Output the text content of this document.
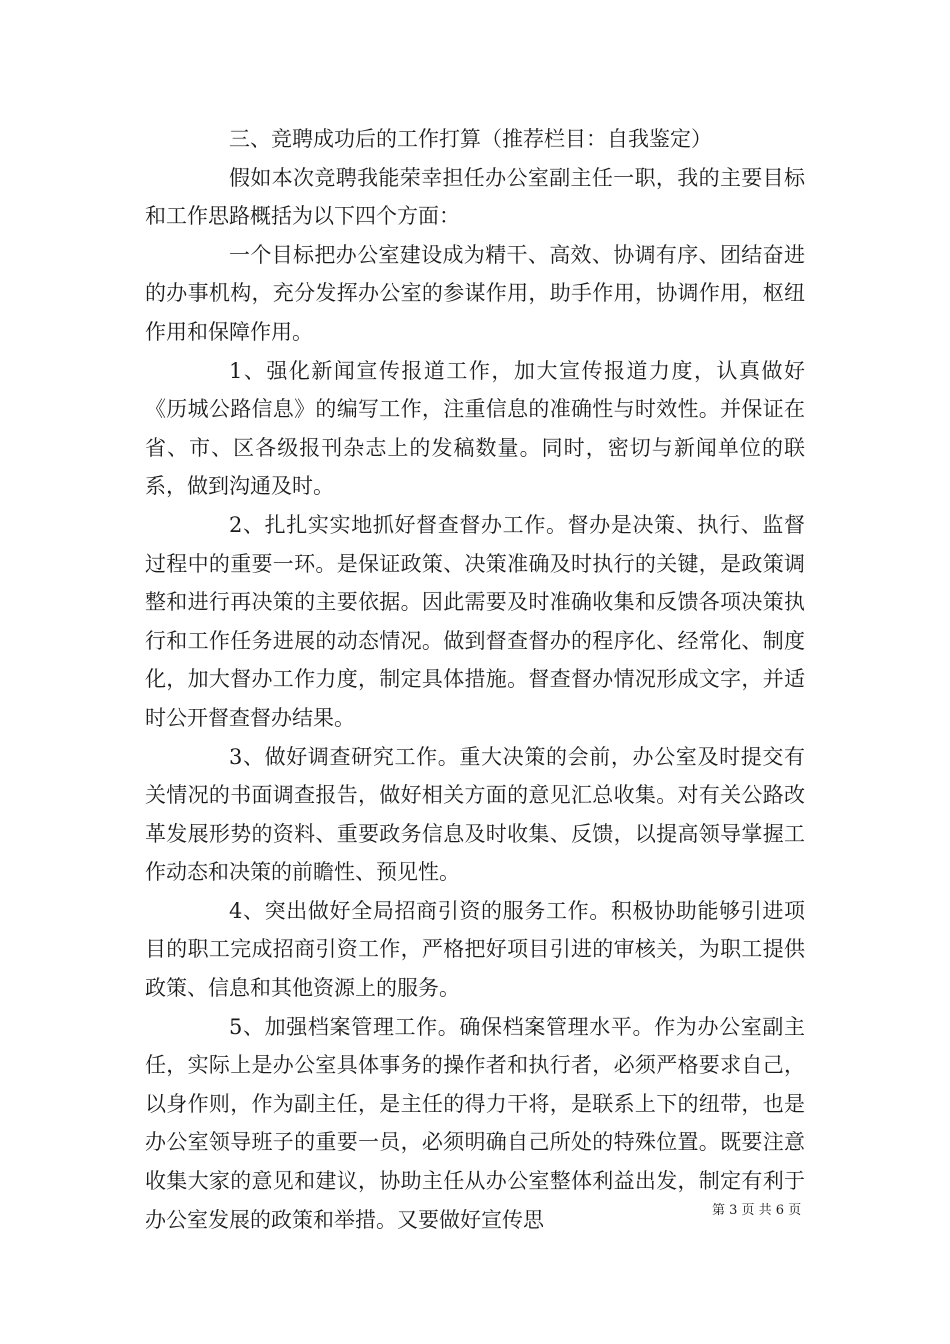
三、竞聘成功后的工作打算（推荐栏目：自我鉴定）

假如本次竞聘我能荣幸担任办公室副主任一职，我的主要目标和工作思路概括为以下四个方面：

一个目标把办公室建设成为精干、高效、协调有序、团结奋进的办事机构，充分发挥办公室的参谋作用，助手作用，协调作用，枢纽作用和保障作用。

1、强化新闻宣传报道工作，加大宣传报道力度，认真做好《历城公路信息》的编写工作，注重信息的准确性与时效性。并保证在省、市、区各级报刊杂志上的发稿数量。同时，密切与新闻单位的联系，做到沟通及时。

2、扎扎实实地抓好督查督办工作。督办是决策、执行、监督过程中的重要一环。是保证政策、决策准确及时执行的关键，是政策调整和进行再决策的主要依据。因此需要及时准确收集和反馈各项决策执行和工作任务进展的动态情况。做到督查督办的程序化、经常化、制度化，加大督办工作力度，制定具体措施。督查督办情况形成文字，并适时公开督查督办结果。

3、做好调查研究工作。重大决策的会前，办公室及时提交有关情况的书面调查报告，做好相关方面的意见汇总收集。对有关公路改革发展形势的资料、重要政务信息及时收集、反馈，以提高领导掌握工作动态和决策的前瞻性、预见性。

4、突出做好全局招商引资的服务工作。积极协助能够引进项目的职工完成招商引资工作，严格把好项目引进的审核关，为职工提供政策、信息和其他资源上的服务。

5、加强档案管理工作。确保档案管理水平。作为办公室副主任，实际上是办公室具体事务的操作者和执行者，必须严格要求自己，以身作则，作为副主任，是主任的得力干将，是联系上下的纽带，也是办公室领导班子的重要一员，必须明确自己所处的特殊位置。既要注意收集大家的意见和建议，协助主任从办公室整体利益出发，制定有利于办公室发展的政策和举措。又要做好宣传思	第 3 页 共 6 页
